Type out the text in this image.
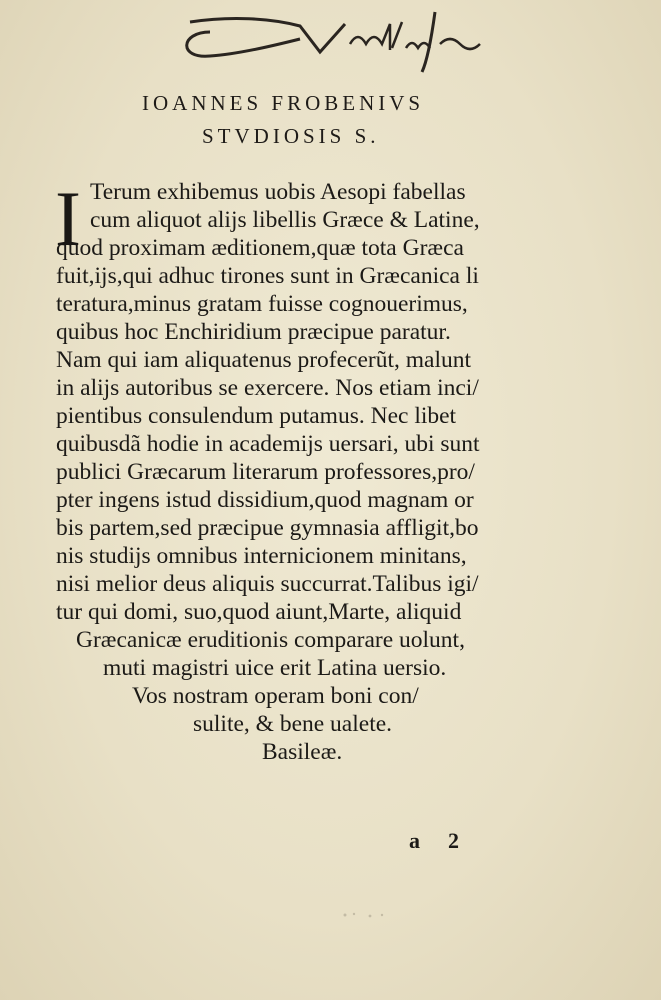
IOANNES FROBENIVS
STVDIOSIS S.
I Terum exhibemus uobis Aesopi fabellas
cum aliquot alijs libellis Græce & Latine,
quod proximam æditionem,quæ tota Græca
fuit,ijs,qui adhuc tirones sunt in Græcanica li
teratura,minus gratam fuisse cognouerimus,
quibus hoc Enchiridium præcipue paratur.
Nam qui iam aliquatenus profecerũt, malunt
in alijs autoribus se exercere. Nos etiam inci/
pientibus consulendum putamus. Nec libet
quibusdã hodie in academijs uersari, ubi sunt
publici Græcarum literarum professores,pro/
pter ingens istud dissidium,quod magnam or
bis partem,sed præcipue gymnasia affligit,bo
nis studijs omnibus internicionem minitans,
nisi melior deus aliquis succurrat.Talibus igi/
tur qui domi, suo,quod aiunt,Marte, aliquid
Græcanicæ eruditionis comparare uolunt,
muti magistri uice erit Latina uersio.
Vos nostram operam boni con/
sulite, & bene ualete.
Basileæ.
a 2
